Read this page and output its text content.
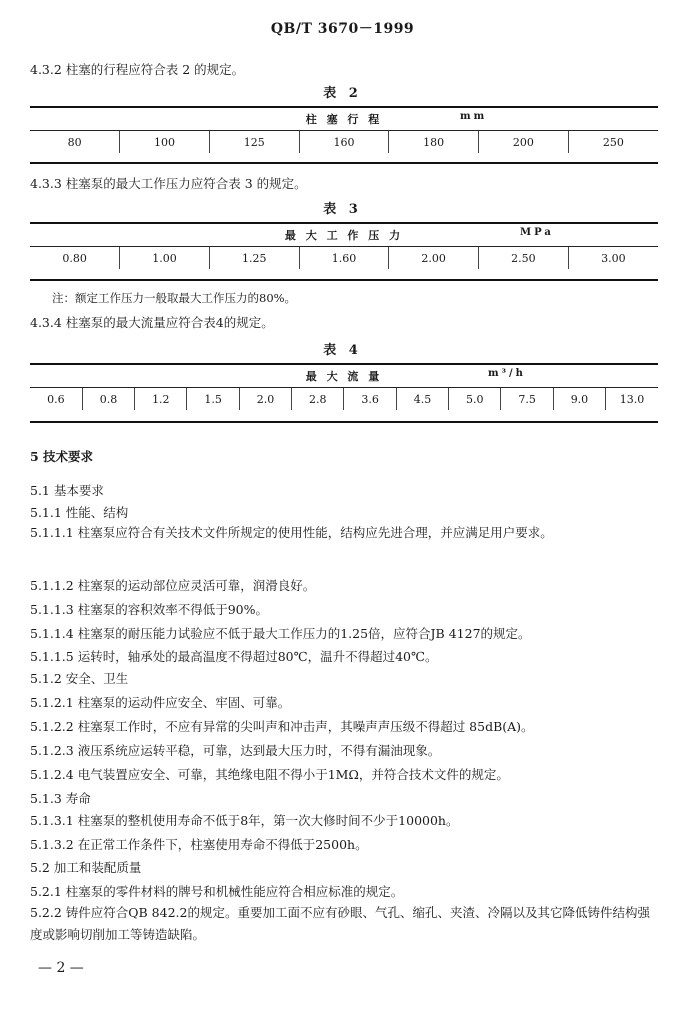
QB/T 3670－1999
4.3.2 柱塞的行程应符合表 2 的规定。
表 2
柱 塞 行 程	mm

80	100	125	160	180	200	250
4.3.3 柱塞泵的最大工作压力应符合表 3 的规定。
表 3
最 大 工 作 压 力	MPa

0.80	1.00	1.25	1.60	2.00	2.50	3.00
注：额定工作压力一般取最大工作压力的80%。
4.3.4 柱塞泵的最大流量应符合表4的规定。
表 4
最 大 流 量	m³/h

0.6	0.8	1.2	1.5	2.0	2.8	3.6	4.5	5.0	7.5	9.0	13.0
5 技术要求
5.1 基本要求
5.1.1 性能、结构
5.1.1.1 柱塞泵应符合有关技术文件所规定的使用性能，结构应先进合理，并应满足用户要求。
5.1.1.2 柱塞泵的运动部位应灵活可靠，润滑良好。
5.1.1.3 柱塞泵的容积效率不得低于90%。
5.1.1.4 柱塞泵的耐压能力试验应不低于最大工作压力的1.25倍，应符合JB 4127的规定。
5.1.1.5 运转时，轴承处的最高温度不得超过80℃，温升不得超过40℃。
5.1.2 安全、卫生
5.1.2.1 柱塞泵的运动件应安全、牢固、可靠。
5.1.2.2 柱塞泵工作时，不应有异常的尖叫声和冲击声，其噪声声压级不得超过 85dB(A)。
5.1.2.3 液压系统应运转平稳，可靠，达到最大压力时，不得有漏油现象。
5.1.2.4 电气装置应安全、可靠，其绝缘电阻不得小于1MΩ，并符合技术文件的规定。
5.1.3 寿命
5.1.3.1 柱塞泵的整机使用寿命不低于8年，第一次大修时间不少于10000h。
5.1.3.2 在正常工作条件下，柱塞使用寿命不得低于2500h。
5.2 加工和装配质量
5.2.1 柱塞泵的零件材料的牌号和机械性能应符合相应标准的规定。
5.2.2 铸件应符合QB 842.2的规定。重要加工面不应有砂眼、气孔、缩孔、夹渣、冷隔以及其它降低铸件结构强度或影响切削加工等铸造缺陷。
— 2 —
